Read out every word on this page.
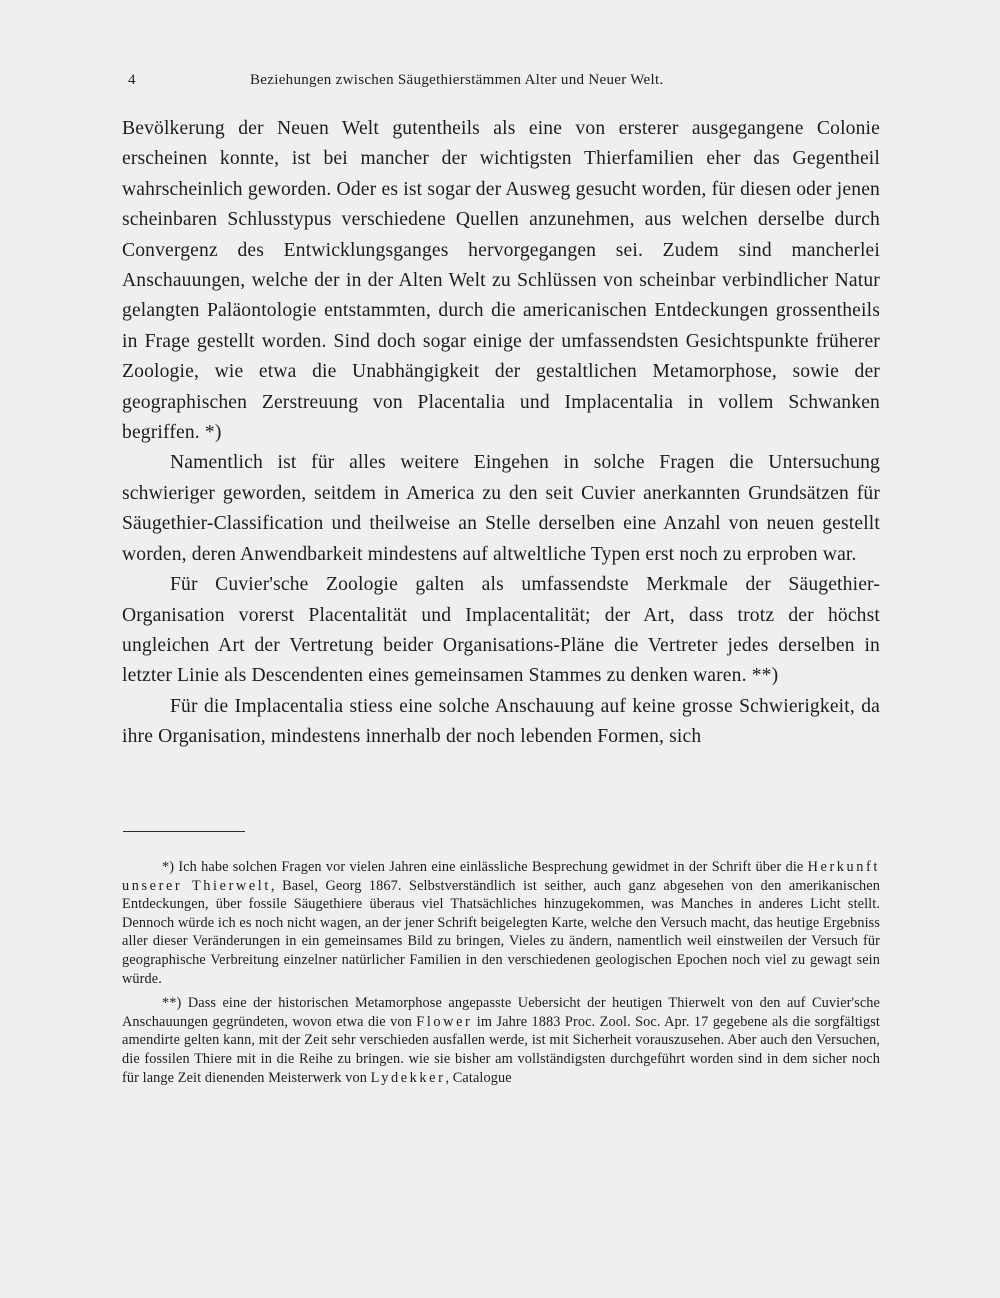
4	Beziehungen zwischen Säugethierstämmen Alter und Neuer Welt.

Bevölkerung der Neuen Welt gutentheils als eine von ersterer ausgegangene Colonie erscheinen konnte, ist bei mancher der wichtigsten Thierfamilien eher das Gegentheil wahrscheinlich geworden. Oder es ist sogar der Ausweg gesucht worden, für diesen oder jenen scheinbaren Schlusstypus verschiedene Quellen anzunehmen, aus welchen derselbe durch Convergenz des Entwicklungsganges hervorgegangen sei. Zudem sind mancherlei Anschauungen, welche der in der Alten Welt zu Schlüssen von scheinbar verbindlicher Natur gelangten Paläontologie entstammten, durch die americanischen Entdeckungen grossentheils in Frage gestellt worden. Sind doch sogar einige der umfassendsten Gesichtspunkte früherer Zoologie, wie etwa die Unabhängigkeit der gestaltlichen Metamorphose, sowie der geographischen Zerstreuung von Placentalia und Implacentalia in vollem Schwanken begriffen. *)

Namentlich ist für alles weitere Eingehen in solche Fragen die Untersuchung schwieriger geworden, seitdem in America zu den seit Cuvier anerkannten Grundsätzen für Säugethier-Classification und theilweise an Stelle derselben eine Anzahl von neuen gestellt worden, deren Anwendbarkeit mindestens auf altweltliche Typen erst noch zu erproben war.

Für Cuvier'sche Zoologie galten als umfassendste Merkmale der Säugethier-Organisation vorerst Placentalität und Implacentalität; der Art, dass trotz der höchst ungleichen Art der Vertretung beider Organisations-Pläne die Vertreter jedes derselben in letzter Linie als Descendenten eines gemeinsamen Stammes zu denken waren. **)

Für die Implacentalia stiess eine solche Anschauung auf keine grosse Schwierigkeit, da ihre Organisation, mindestens innerhalb der noch lebenden Formen, sich

*) Ich habe solchen Fragen vor vielen Jahren eine einlässliche Besprechung gewidmet in der Schrift über die Herkunft unserer Thierwelt, Basel, Georg 1867. Selbstverständlich ist seither, auch ganz abgesehen von den amerikanischen Entdeckungen, über fossile Säugethiere überaus viel Thatsächliches hinzugekommen, was Manches in anderes Licht stellt. Dennoch würde ich es noch nicht wagen, an der jener Schrift beigelegten Karte, welche den Versuch macht, das heutige Ergebniss aller dieser Veränderungen in ein gemeinsames Bild zu bringen, Vieles zu ändern, namentlich weil einstweilen der Versuch für geographische Verbreitung einzelner natürlicher Familien in den verschiedenen geologischen Epochen noch viel zu gewagt sein würde.

**) Dass eine der historischen Metamorphose angepasste Uebersicht der heutigen Thierwelt von den auf Cuvier'sche Anschauungen gegründeten, wovon etwa die von Flower im Jahre 1883 Proc. Zool. Soc. Apr. 17 gegebene als die sorgfältigst amendirte gelten kann, mit der Zeit sehr verschieden ausfallen werde, ist mit Sicherheit vorauszusehen. Aber auch den Versuchen, die fossilen Thiere mit in die Reihe zu bringen. wie sie bisher am vollständigsten durchgeführt worden sind in dem sicher noch für lange Zeit dienenden Meisterwerk von Lydekker, Catalogue
